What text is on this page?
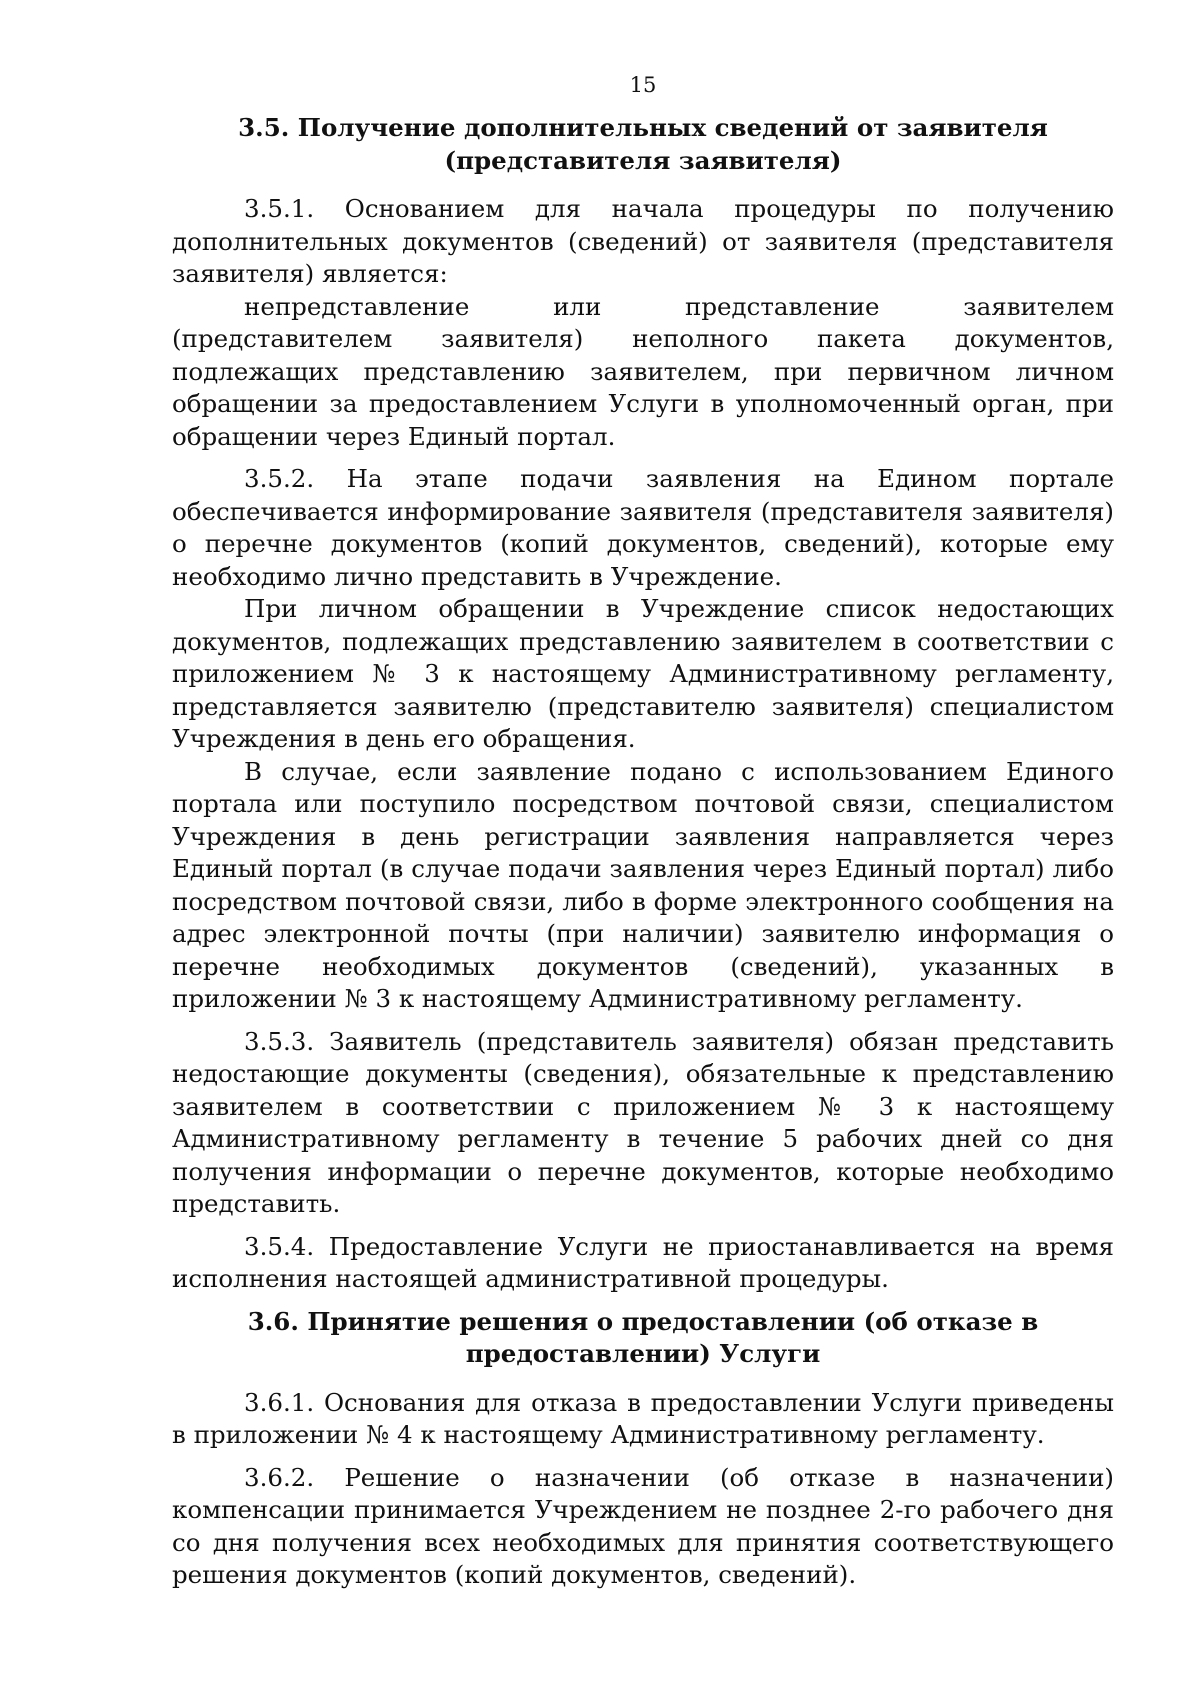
15
3.5. Получение дополнительных сведений от заявителя (представителя заявителя)

3.5.1. Основанием для начала процедуры по получению дополнительных документов (сведений) от заявителя (представителя заявителя) является:

непредставление или представление заявителем (представителем заявителя) неполного пакета документов, подлежащих представлению заявителем, при первичном личном обращении за предоставлением Услуги в уполномоченный орган, при обращении через Единый портал.

3.5.2. На этапе подачи заявления на Едином портале обеспечивается информирование заявителя (представителя заявителя) о перечне документов (копий документов, сведений), которые ему необходимо лично представить в Учреждение.

При личном обращении в Учреждение список недостающих документов, подлежащих представлению заявителем в соответствии с приложением № 3 к настоящему Административному регламенту, представляется заявителю (представителю заявителя) специалистом Учреждения в день его обращения.

В случае, если заявление подано с использованием Единого портала или поступило посредством почтовой связи, специалистом Учреждения в день регистрации заявления направляется через Единый портал (в случае подачи заявления через Единый портал) либо посредством почтовой связи, либо в форме электронного сообщения на адрес электронной почты (при наличии) заявителю информация о перечне необходимых документов (сведений), указанных в приложении № 3 к настоящему Административному регламенту.

3.5.3. Заявитель (представитель заявителя) обязан представить недостающие документы (сведения), обязательные к представлению заявителем в соответствии с приложением № 3 к настоящему Административному регламенту в течение 5 рабочих дней со дня получения информации о перечне документов, которые необходимо представить.

3.5.4. Предоставление Услуги не приостанавливается на время исполнения настоящей административной процедуры.

3.6. Принятие решения о предоставлении (об отказе в предоставлении) Услуги

3.6.1. Основания для отказа в предоставлении Услуги приведены в приложении № 4 к настоящему Административному регламенту.

3.6.2. Решение о назначении (об отказе в назначении) компенсации принимается Учреждением не позднее 2-го рабочего дня со дня получения всех необходимых для принятия соответствующего решения документов (копий документов, сведений).
